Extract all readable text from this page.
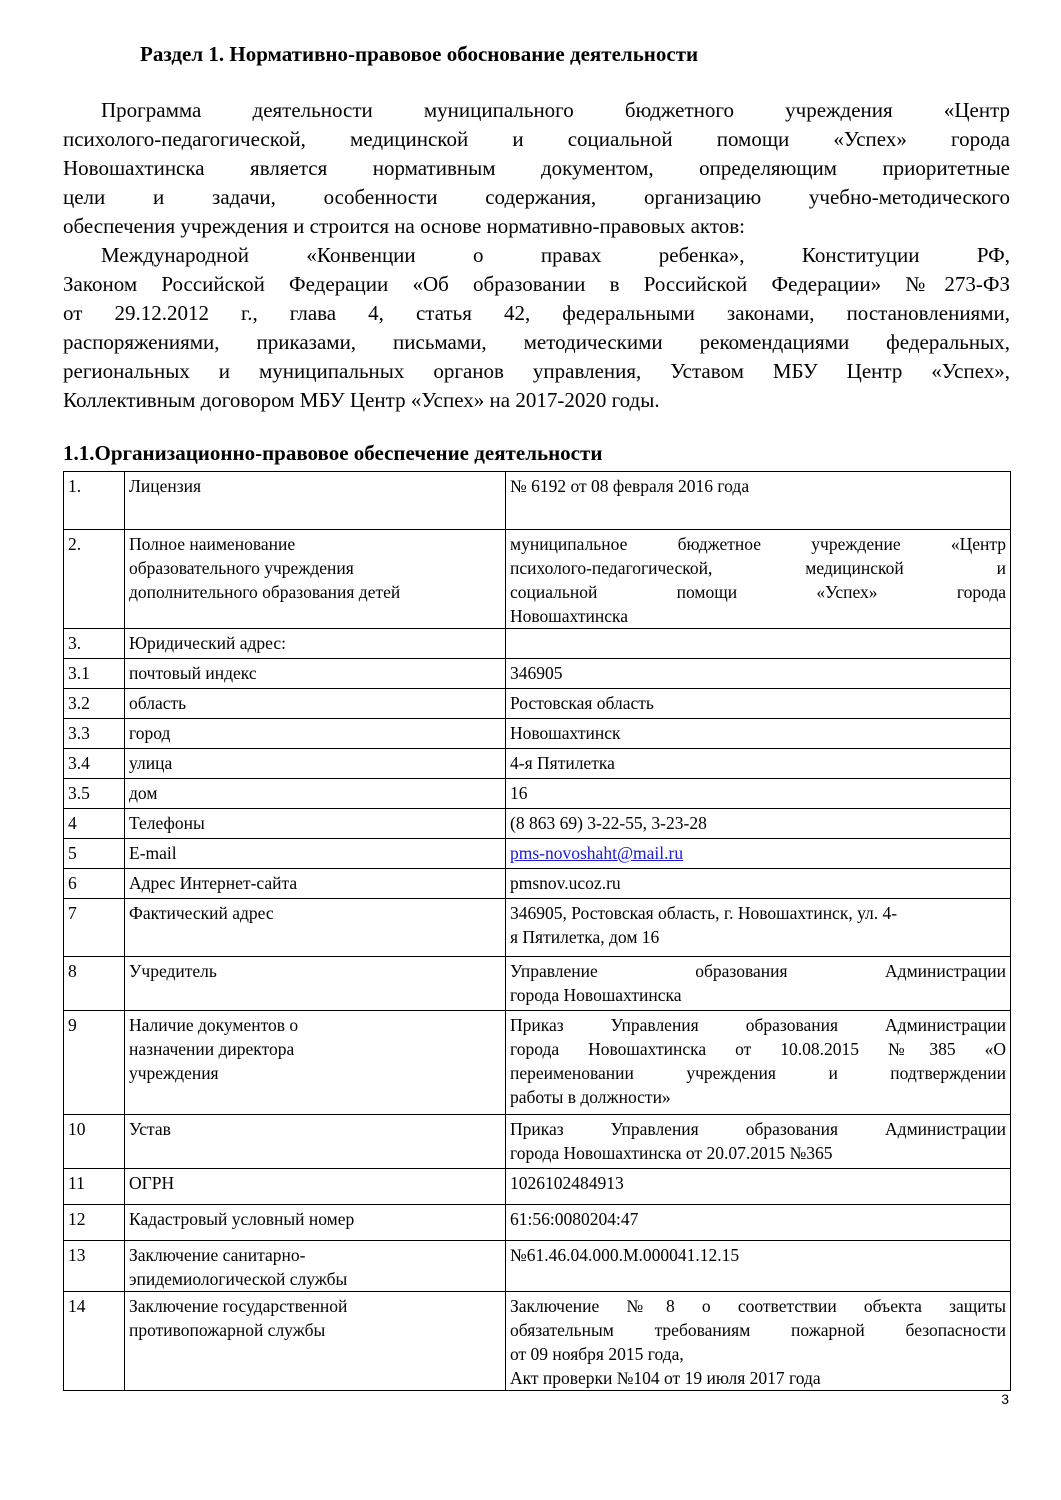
Раздел 1. Нормативно-правовое обоснование деятельности
Программа деятельности муниципального бюджетного учреждения «Центр
психолого-педагогической, медицинской и социальной помощи «Успех» города
Новошахтинска является нормативным документом, определяющим приоритетные
цели и задачи, особенности содержания, организацию учебно-методического
обеспечения учреждения и строится на основе нормативно-правовых актов:
Международной «Конвенции о правах ребенка», Конституции РФ,
Законом Российской Федерации «Об образовании в Российской Федерации» №273-ФЗ
от 29.12.2012 г., глава 4, статья 42, федеральными законами, постановлениями,
распоряжениями, приказами, письмами, методическими рекомендациями федеральных,
региональных и муниципальных органов управления, Уставом МБУ Центр «Успех»,
Коллективным договором МБУ Центр «Успех» на 2017-2020 годы.
1.1.Организационно-правовое обеспечение деятельности
1.	Лицензия	№ 6192 от 08 февраля 2016 года

2.	Полное наименование
образовательного учреждения
дополнительного образования детей	муниципальное бюджетное учреждение «Центр
психолого-педагогической, медицинской и
социальной помощи «Успех» города
Новошахтинска

3.	Юридический адрес:	

3.1	почтовый индекс	346905

3.2	область	Ростовская область

3.3	город	Новошахтинск

3.4	улица	4-я Пятилетка

3.5	дом	16

4	Телефоны	(8 863 69) 3-22-55, 3-23-28

5	E-mail	pms-novoshaht@mail.ru

6	Адрес Интернет-сайта	pmsnov.ucoz.ru

7	Фактический адрес	346905, Ростовская область, г. Новошахтинск, ул. 4-
я Пятилетка, дом 16

8	Учредитель	Управление образования Администрации
города Новошахтинска

9	Наличие документов о
назначении директора
учреждения	Приказ Управления образования Администрации
города Новошахтинска от 10.08.2015 №385 «О
переименовании учреждения и подтверждении
работы в должности»

10	Устав	Приказ Управления образования Администрации
города Новошахтинска от 20.07.2015 №365

11	ОГРН	1026102484913

12	Кадастровый условный номер	61:56:0080204:47

13	Заключение санитарно-
эпидемиологической службы	№61.46.04.000.М.000041.12.15

14	Заключение государственной
противопожарной службы	Заключение №8 о соответствии объекта защиты
обязательным требованиям пожарной безопасности
от 09 ноября 2015 года,
Акт проверки №104 от 19 июля 2017 года
3
